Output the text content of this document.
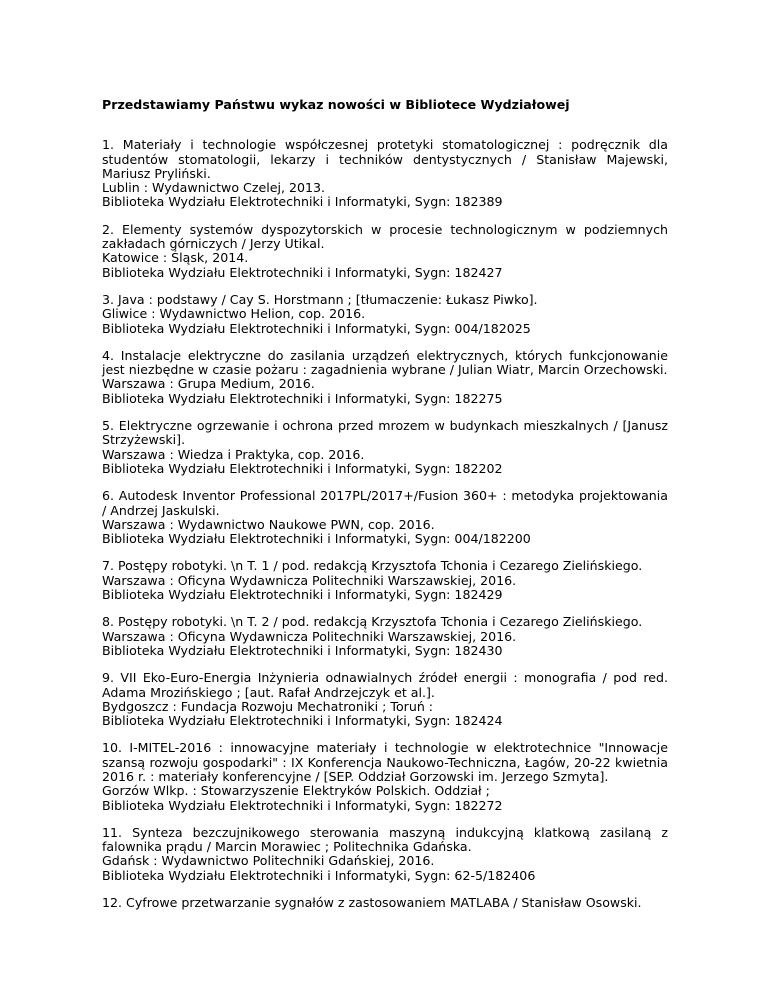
Przedstawiamy Państwu wykaz nowości w Bibliotece Wydziałowej
1. Materiały i technologie współczesnej protetyki stomatologicznej : podręcznik dla studentów stomatologii, lekarzy i techników dentystycznych / Stanisław Majewski, Mariusz Pryliński.
Lublin : Wydawnictwo Czelej, 2013.
Biblioteka Wydziału Elektrotechniki i Informatyki, Sygn: 182389
2. Elementy systemów dyspozytorskich w procesie technologicznym w podziemnych zakładach górniczych / Jerzy Utikal.
Katowice : Śląsk, 2014.
Biblioteka Wydziału Elektrotechniki i Informatyki, Sygn: 182427
3. Java : podstawy / Cay S. Horstmann ; [tłumaczenie: Łukasz Piwko].
Gliwice : Wydawnictwo Helion, cop. 2016.
Biblioteka Wydziału Elektrotechniki i Informatyki, Sygn: 004/182025
4. Instalacje elektryczne do zasilania urządzeń elektrycznych, których funkcjonowanie jest niezbędne w czasie pożaru : zagadnienia wybrane / Julian Wiatr, Marcin Orzechowski.
Warszawa : Grupa Medium, 2016.
Biblioteka Wydziału Elektrotechniki i Informatyki, Sygn: 182275
5. Elektryczne ogrzewanie i ochrona przed mrozem w budynkach mieszkalnych / [Janusz Strzyżewski].
Warszawa : Wiedza i Praktyka, cop. 2016.
Biblioteka Wydziału Elektrotechniki i Informatyki, Sygn: 182202
6. Autodesk Inventor Professional 2017PL/2017+/Fusion 360+ : metodyka projektowania / Andrzej Jaskulski.
Warszawa : Wydawnictwo Naukowe PWN, cop. 2016.
Biblioteka Wydziału Elektrotechniki i Informatyki, Sygn: 004/182200
7. Postępy robotyki. \n T. 1 / pod. redakcją Krzysztofa Tchonia i Cezarego Zielińskiego.
Warszawa : Oficyna Wydawnicza Politechniki Warszawskiej, 2016.
Biblioteka Wydziału Elektrotechniki i Informatyki, Sygn: 182429
8. Postępy robotyki. \n T. 2 / pod. redakcją Krzysztofa Tchonia i Cezarego Zielińskiego.
Warszawa : Oficyna Wydawnicza Politechniki Warszawskiej, 2016.
Biblioteka Wydziału Elektrotechniki i Informatyki, Sygn: 182430
9. VII Eko-Euro-Energia Inżynieria odnawialnych źródeł energii : monografia / pod red. Adama Mrozińskiego ; [aut. Rafał Andrzejczyk et al.].
Bydgoszcz : Fundacja Rozwoju Mechatroniki ; Toruń :
Biblioteka Wydziału Elektrotechniki i Informatyki, Sygn: 182424
10. I-MITEL-2016 : innowacyjne materiały i technologie w elektrotechnice "Innowacje szansą rozwoju gospodarki" : IX Konferencja Naukowo-Techniczna, Łagów, 20-22 kwietnia 2016 r. : materiały konferencyjne / [SEP. Oddział Gorzowski im. Jerzego Szmyta].
Gorzów Wlkp. : Stowarzyszenie Elektryków Polskich. Oddział ;
Biblioteka Wydziału Elektrotechniki i Informatyki, Sygn: 182272
11. Synteza bezczujnikowego sterowania maszyną indukcyjną klatkową zasilaną z falownika prądu / Marcin Morawiec ; Politechnika Gdańska.
Gdańsk : Wydawnictwo Politechniki Gdańskiej, 2016.
Biblioteka Wydziału Elektrotechniki i Informatyki, Sygn: 62-5/182406
12. Cyfrowe przetwarzanie sygnałów z zastosowaniem MATLABA / Stanisław Osowski.
